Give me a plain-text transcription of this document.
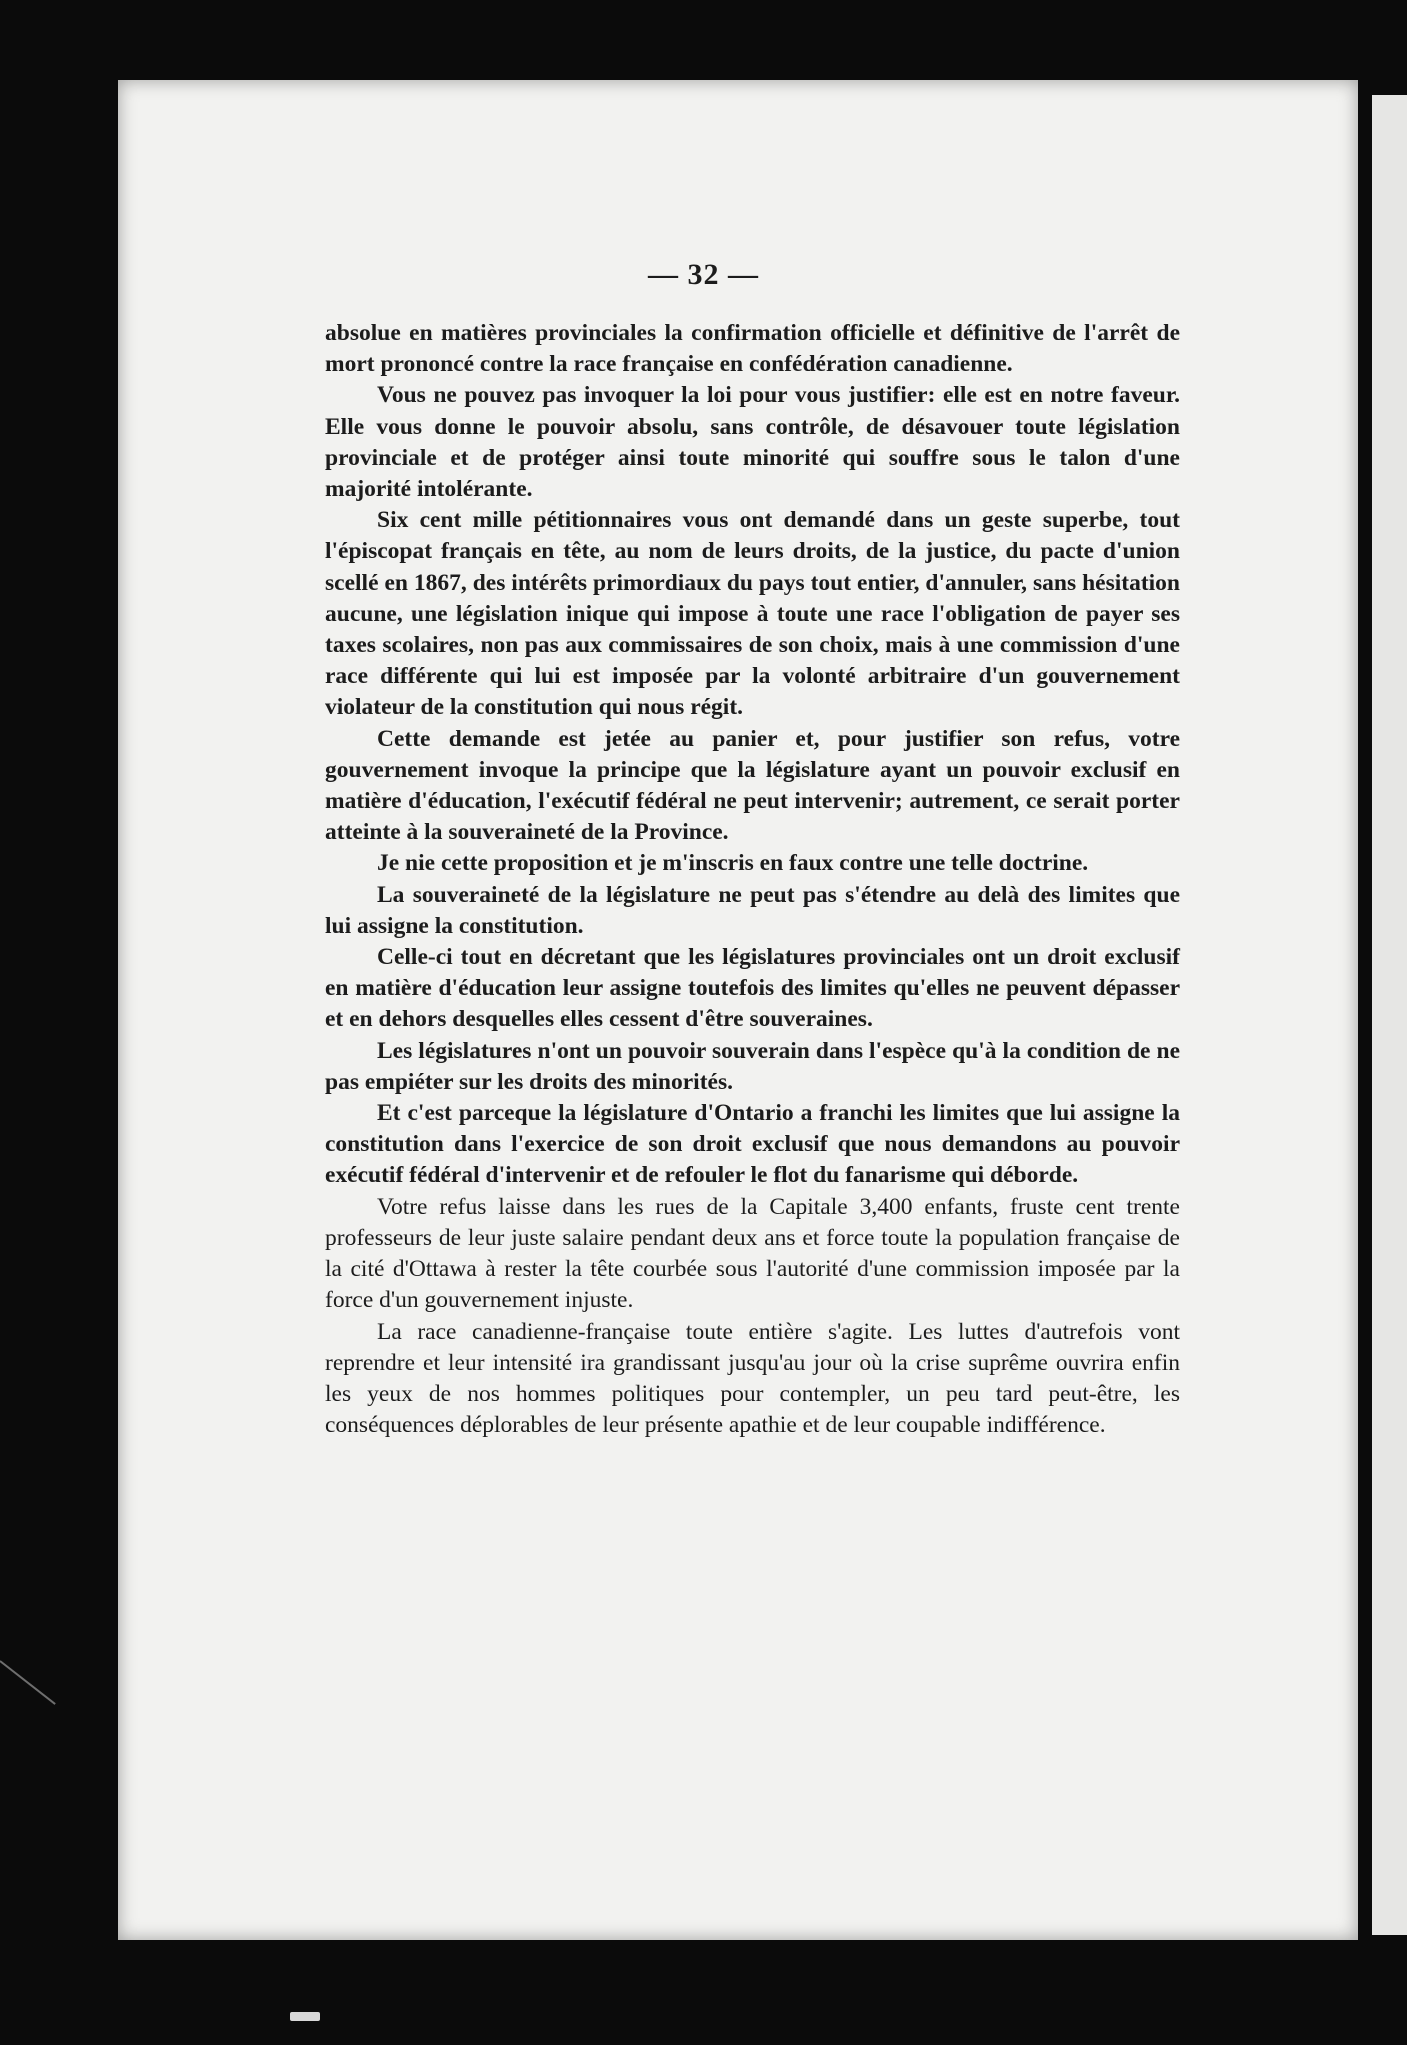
— 32 —

absolue en matières provinciales la confirmation officielle et définitive de l'arrêt de mort prononcé contre la race française en confédération canadienne.

Vous ne pouvez pas invoquer la loi pour vous justifier: elle est en notre faveur. Elle vous donne le pouvoir absolu, sans contrôle, de désavouer toute législation provinciale et de protéger ainsi toute minorité qui souffre sous le talon d'une majorité intolérante.

Six cent mille pétitionnaires vous ont demandé dans un geste superbe, tout l'épiscopat français en tête, au nom de leurs droits, de la justice, du pacte d'union scellé en 1867, des intérêts primordiaux du pays tout entier, d'annuler, sans hésitation aucune, une législation inique qui impose à toute une race l'obligation de payer ses taxes scolaires, non pas aux commissaires de son choix, mais à une commission d'une race différente qui lui est imposée par la volonté arbitraire d'un gouvernement violateur de la constitution qui nous régit.

Cette demande est jetée au panier et, pour justifier son refus, votre gouvernement invoque la principe que la législature ayant un pouvoir exclusif en matière d'éducation, l'exécutif fédéral ne peut intervenir; autrement, ce serait porter atteinte à la souveraineté de la Province.

Je nie cette proposition et je m'inscris en faux contre une telle doctrine.

La souveraineté de la législature ne peut pas s'étendre au delà des limites que lui assigne la constitution.

Celle-ci tout en décretant que les législatures provinciales ont un droit exclusif en matière d'éducation leur assigne toutefois des limites qu'elles ne peuvent dépasser et en dehors desquelles elles cessent d'être souveraines.

Les législatures n'ont un pouvoir souverain dans l'espèce qu'à la condition de ne pas empiéter sur les droits des minorités.

Et c'est parceque la législature d'Ontario a franchi les limites que lui assigne la constitution dans l'exercice de son droit exclusif que nous demandons au pouvoir exécutif fédéral d'intervenir et de refouler le flot du fanarisme qui déborde.

Votre refus laisse dans les rues de la Capitale 3,400 enfants, fruste cent trente professeurs de leur juste salaire pendant deux ans et force toute la population française de la cité d'Ottawa à rester la tête courbée sous l'autorité d'une commission imposée par la force d'un gouvernement injuste.

La race canadienne-française toute entière s'agite. Les luttes d'autrefois vont reprendre et leur intensité ira grandissant jusqu'au jour où la crise suprême ouvrira enfin les yeux de nos hommes politiques pour contempler, un peu tard peut-être, les conséquences déplorables de leur présente apathie et de leur coupable indifférence.
